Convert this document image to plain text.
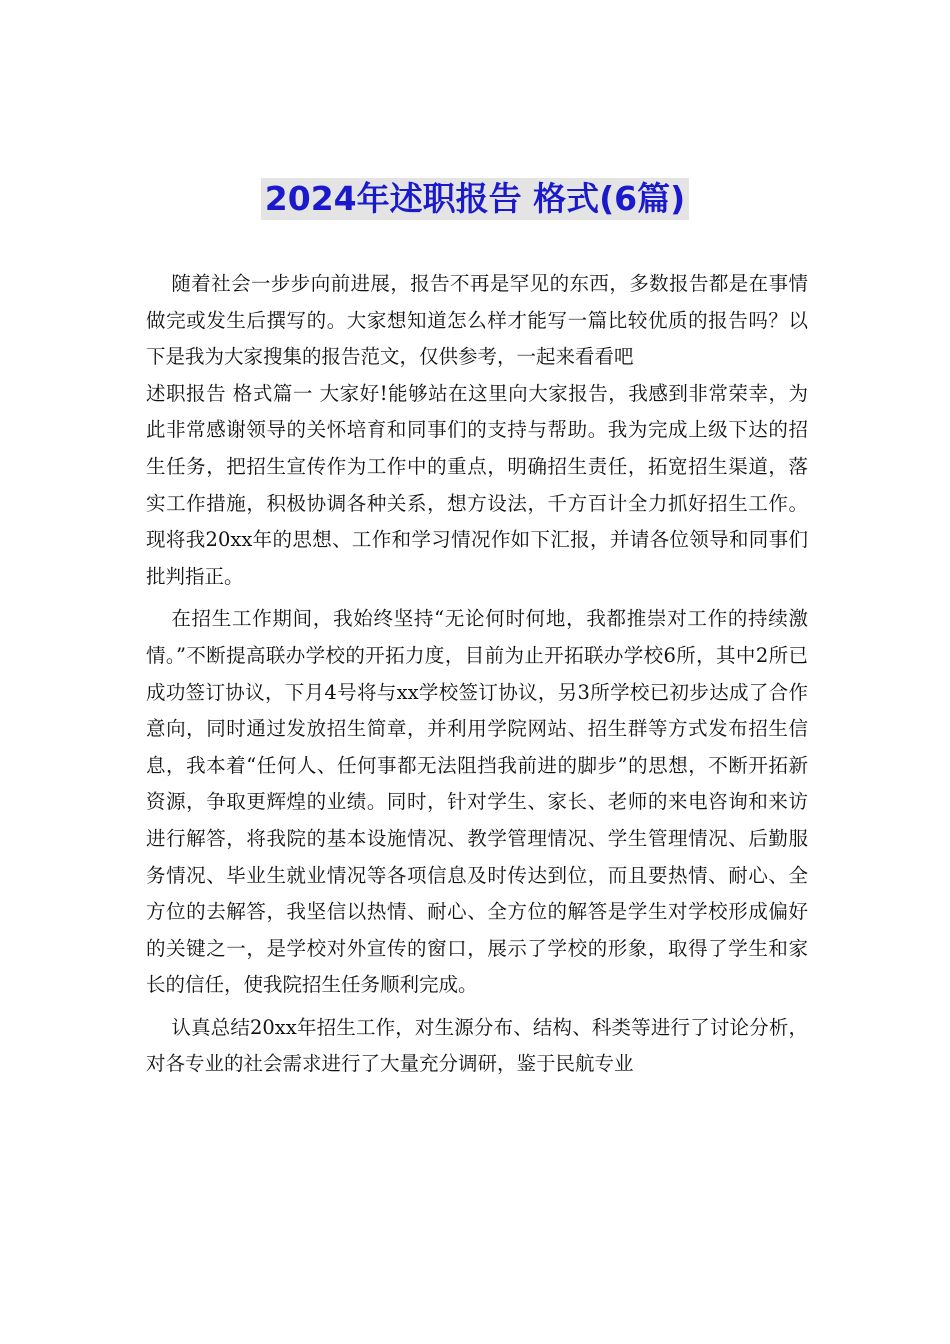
2024年述职报告 格式(6篇)

随着社会一步步向前进展，报告不再是罕见的东西，多数报告都是在事情做完或发生后撰写的。大家想知道怎么样才能写一篇比较优质的报告吗？以下是我为大家搜集的报告范文，仅供参考，一起来看看吧

述职报告 格式篇一 大家好!能够站在这里向大家报告，我感到非常荣幸，为此非常感谢领导的关怀培育和同事们的支持与帮助。我为完成上级下达的招生任务，把招生宣传作为工作中的重点，明确招生责任，拓宽招生渠道，落实工作措施，积极协调各种关系，想方设法，千方百计全力抓好招生工作。现将我20xx年的思想、工作和学习情况作如下汇报，并请各位领导和同事们批判指正。

在招生工作期间，我始终坚持“无论何时何地，我都推崇对工作的持续激情。”不断提高联办学校的开拓力度，目前为止开拓联办学校6所，其中2所已成功签订协议，下月4号将与xx学校签订协议，另3所学校已初步达成了合作意向，同时通过发放招生简章，并利用学院网站、招生群等方式发布招生信息，我本着“任何人、任何事都无法阻挡我前进的脚步”的思想，不断开拓新资源，争取更辉煌的业绩。同时，针对学生、家长、老师的来电咨询和来访进行解答，将我院的基本设施情况、教学管理情况、学生管理情况、后勤服务情况、毕业生就业情况等各项信息及时传达到位，而且要热情、耐心、全方位的去解答，我坚信以热情、耐心、全方位的解答是学生对学校形成偏好的关键之一，是学校对外宣传的窗口，展示了学校的形象，取得了学生和家长的信任，使我院招生任务顺利完成。

认真总结20xx年招生工作，对生源分布、结构、科类等进行了讨论分析，对各专业的社会需求进行了大量充分调研，鉴于民航专业
